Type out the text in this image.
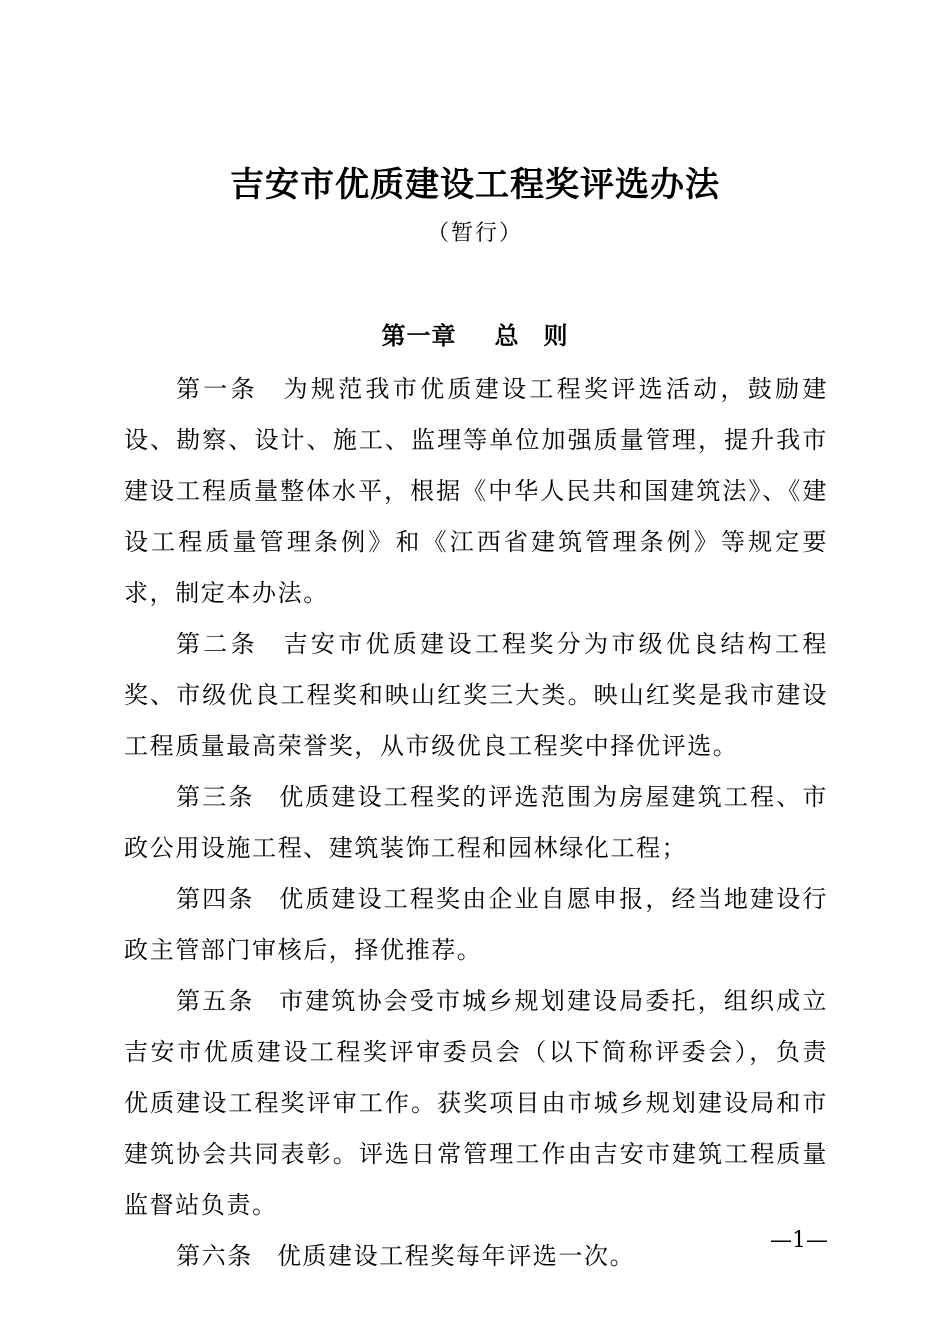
吉安市优质建设工程奖评选办法
（暂行）
第一章 总 则

第一条 为规范我市优质建设工程奖评选活动，鼓励建设、勘察、设计、施工、监理等单位加强质量管理，提升我市建设工程质量整体水平，根据《中华人民共和国建筑法》、《建设工程质量管理条例》和《江西省建筑管理条例》等规定要求，制定本办法。

第二条 吉安市优质建设工程奖分为市级优良结构工程奖、市级优良工程奖和映山红奖三大类。映山红奖是我市建设工程质量最高荣誉奖，从市级优良工程奖中择优评选。

第三条 优质建设工程奖的评选范围为房屋建筑工程、市政公用设施工程、建筑装饰工程和园林绿化工程；

第四条 优质建设工程奖由企业自愿申报，经当地建设行政主管部门审核后，择优推荐。

第五条 市建筑协会受市城乡规划建设局委托，组织成立吉安市优质建设工程奖评审委员会（以下简称评委会），负责优质建设工程奖评审工作。获奖项目由市城乡规划建设局和市建筑协会共同表彰。评选日常管理工作由吉安市建筑工程质量监督站负责。

第六条 优质建设工程奖每年评选一次。

—1—
